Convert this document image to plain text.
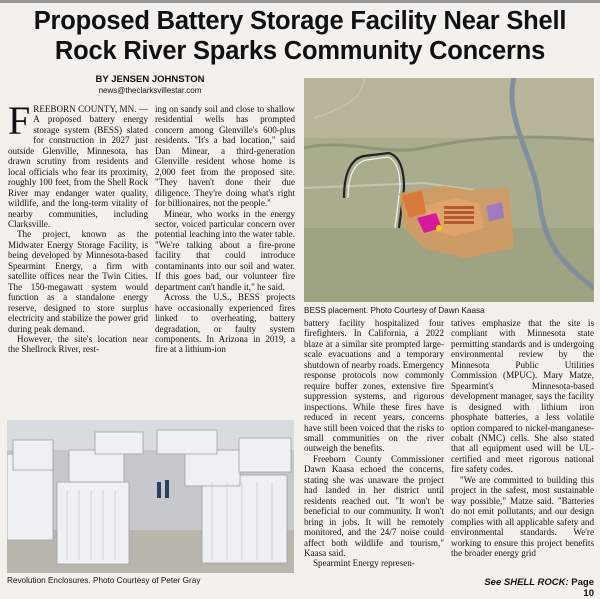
Proposed Battery Storage Facility Near Shell Rock River Sparks Community Concerns
BY JENSEN JOHNSTON
news@theclarksvillestar.com

FREEBORN COUNTY, MN. — A proposed battery energy storage system (BESS) slated for construction in 2027 just outside Glenville, Minnesota, has drawn scrutiny from residents and local officials who fear its proximity, roughly 100 feet, from the Shell Rock River may endanger water quality, wildlife, and the long-term vitality of nearby communities, including Clarksville.

The project, known as the Midwater Energy Storage Facility, is being developed by Minnesota-based Spearmint Energy, a firm with satellite offices near the Twin Cities. The 150-megawatt system would function as a standalone energy reserve, designed to store surplus electricity and stabilize the power grid during peak demand.

However, the site's location near the Shellrock River, rest-

ing on sandy soil and close to shallow residential wells has prompted concern among Glenville's 600-plus residents. "It's a bad location," said Dan Minear, a third-generation Glenville resident whose home is 2,000 feet from the proposed site. "They haven't done their due diligence. They're doing what's right for billionaires, not the people."

Minear, who works in the energy sector, voiced particular concern over potential leaching into the water table. "We're talking about a fire-prone facility that could introduce contaminants into our soil and water. If this goes bad, our volunteer fire department can't handle it," he said.

Across the U.S., BESS projects have occasionally experienced fires linked to overheating, battery degradation, or faulty system components. In Arizona in 2019, a fire at a lithium-ion

BESS placement. Photo Courtesy of Dawn Kaasa
Revolution Enclosures. Photo Courtesy of Peter Gray

battery facility hospitalized four firefighters. In California, a 2022 blaze at a similar site prompted large-scale evacuations and a temporary shutdown of nearby roads. Emergency response protocols now commonly require buffer zones, extensive fire suppression systems, and rigorous inspections. While these fires have reduced in recent years, concerns have still been voiced that the risks to small communities on the river outweigh the benefits.

Freeborn County Commissioner Dawn Kaasa echoed the concerns, stating she was unaware the project had landed in her district until residents reached out. "It won't be beneficial to our community. It won't bring in jobs. It will be remotely monitored, and the 24/7 noise could affect both wildlife and tourism," Kaasa said.

Spearmint Energy represen-

tatives emphasize that the site is compliant with Minnesota state permitting standards and is undergoing environmental review by the Minnesota Public Utilities Commission (MPUC). Mary Matze, Spearmint's Minnesota-based development manager, says the facility is designed with lithium iron phosphate batteries, a less volatile option compared to nickel-manganese-cobalt (NMC) cells. She also stated that all equipment used will be UL-certified and meet rigorous national fire safety codes.

"We are committed to building this project in the safest, most sustainable way possible," Matze said. "Batteries do not emit pollutants, and our design complies with all applicable safety and environmental standards. We're working to ensure this project benefits the broader energy grid

See SHELL ROCK: Page 10
